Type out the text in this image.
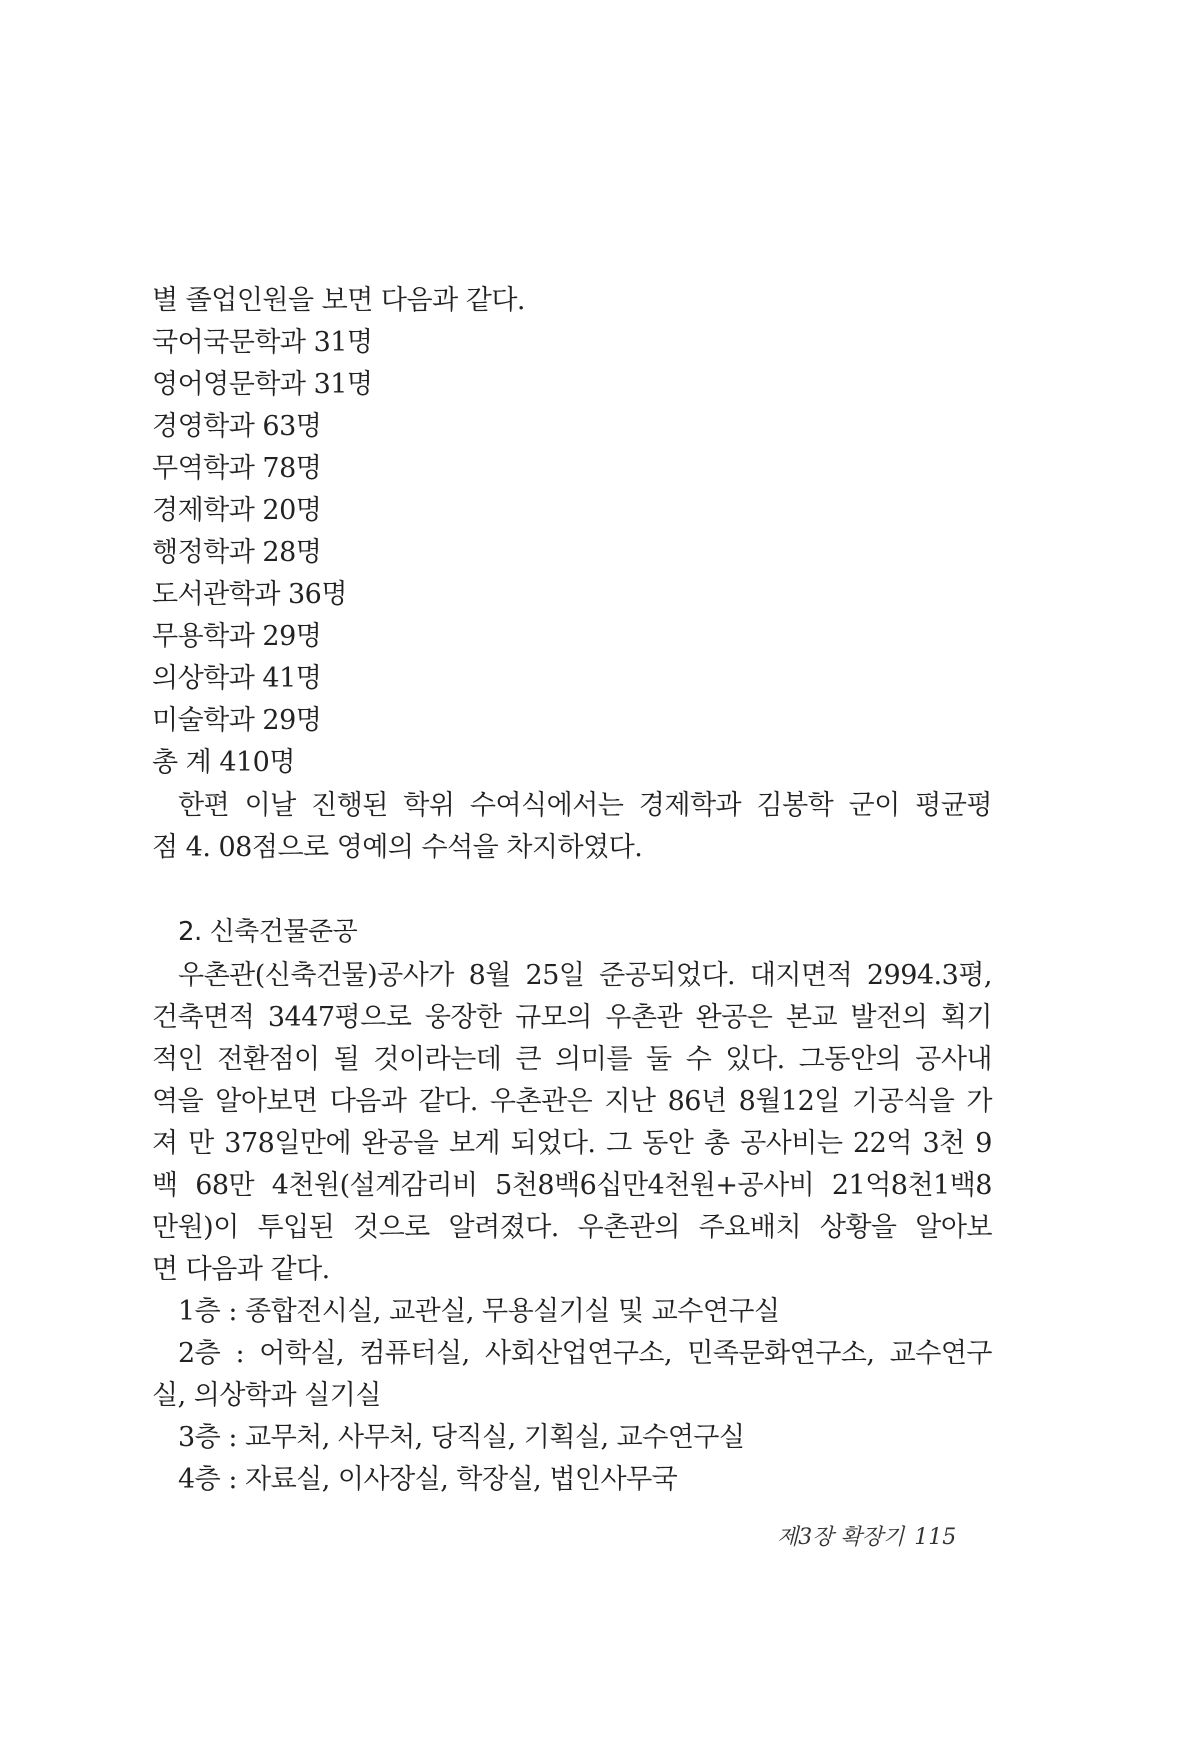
별 졸업인원을 보면 다음과 같다.
국어국문학과 31명
영어영문학과 31명
경영학과 63명
무역학과 78명
경제학과 20명
행정학과 28명
도서관학과 36명
무용학과 29명
의상학과 41명
미술학과 29명
총 계 410명
한편 이날 진행된 학위 수여식에서는 경제학과 김봉학 군이 평균평
점 4. 08점으로 영예의 수석을 차지하였다.
2. 신축건물준공
우촌관(신축건물)공사가 8월 25일 준공되었다. 대지면적 2994.3평,
건축면적 3447평으로 웅장한 규모의 우촌관 완공은 본교 발전의 획기
적인 전환점이 될 것이라는데 큰 의미를 둘 수 있다. 그동안의 공사내
역을 알아보면 다음과 같다. 우촌관은 지난 86년 8월12일 기공식을 가
져 만 378일만에 완공을 보게 되었다. 그 동안 총 공사비는 22억 3천 9
백 68만 4천원(설계감리비 5천8백6십만4천원+공사비 21억8천1백8
만원)이 투입된 것으로 알려졌다. 우촌관의 주요배치 상황을 알아보
면 다음과 같다.
1층 : 종합전시실, 교관실, 무용실기실 및 교수연구실
2층 : 어학실, 컴퓨터실, 사회산업연구소, 민족문화연구소, 교수연구
실, 의상학과 실기실
3층 : 교무처, 사무처, 당직실, 기획실, 교수연구실
4층 : 자료실, 이사장실, 학장실, 법인사무국
제3장 확장기 115
